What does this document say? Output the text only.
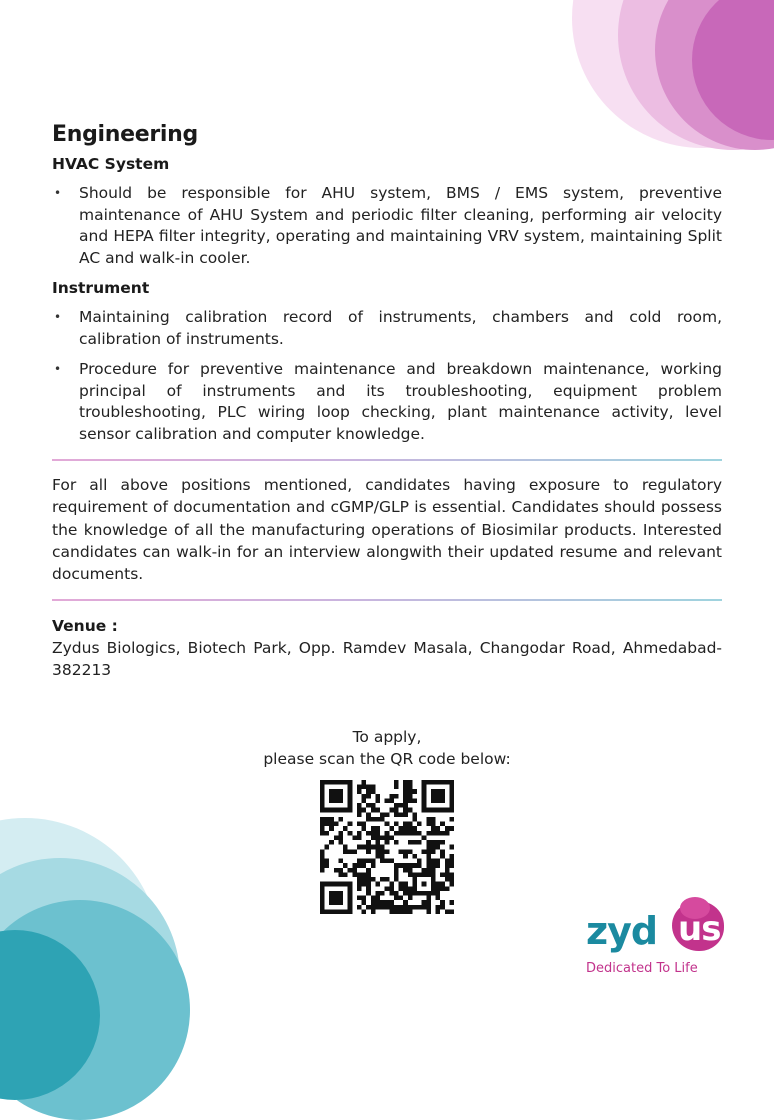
Engineering
HVAC System
• Should be responsible for AHU system, BMS / EMS system, preventive maintenance of AHU System and periodic filter cleaning, performing air velocity and HEPA filter integrity, operating and maintaining VRV system, maintaining Split AC and walk-in cooler.
Instrument
• Maintaining calibration record of instruments, chambers and cold room, calibration of instruments.
• Procedure for preventive maintenance and breakdown maintenance, working principal of instruments and its troubleshooting, equipment problem troubleshooting, PLC wiring loop checking, plant maintenance activity, level sensor calibration and computer knowledge.

For all above positions mentioned, candidates having exposure to regulatory requirement of documentation and cGMP/GLP is essential. Candidates should possess the knowledge of all the manufacturing operations of Biosimilar products. Interested candidates can walk-in for an interview alongwith their updated resume and relevant documents.

Venue :

Zydus Biologics, Biotech Park, Opp. Ramdev Masala, Changodar Road, Ahmedabad-382213

To apply,
please scan the QR code below:
zyd us
Dedicated To Life
